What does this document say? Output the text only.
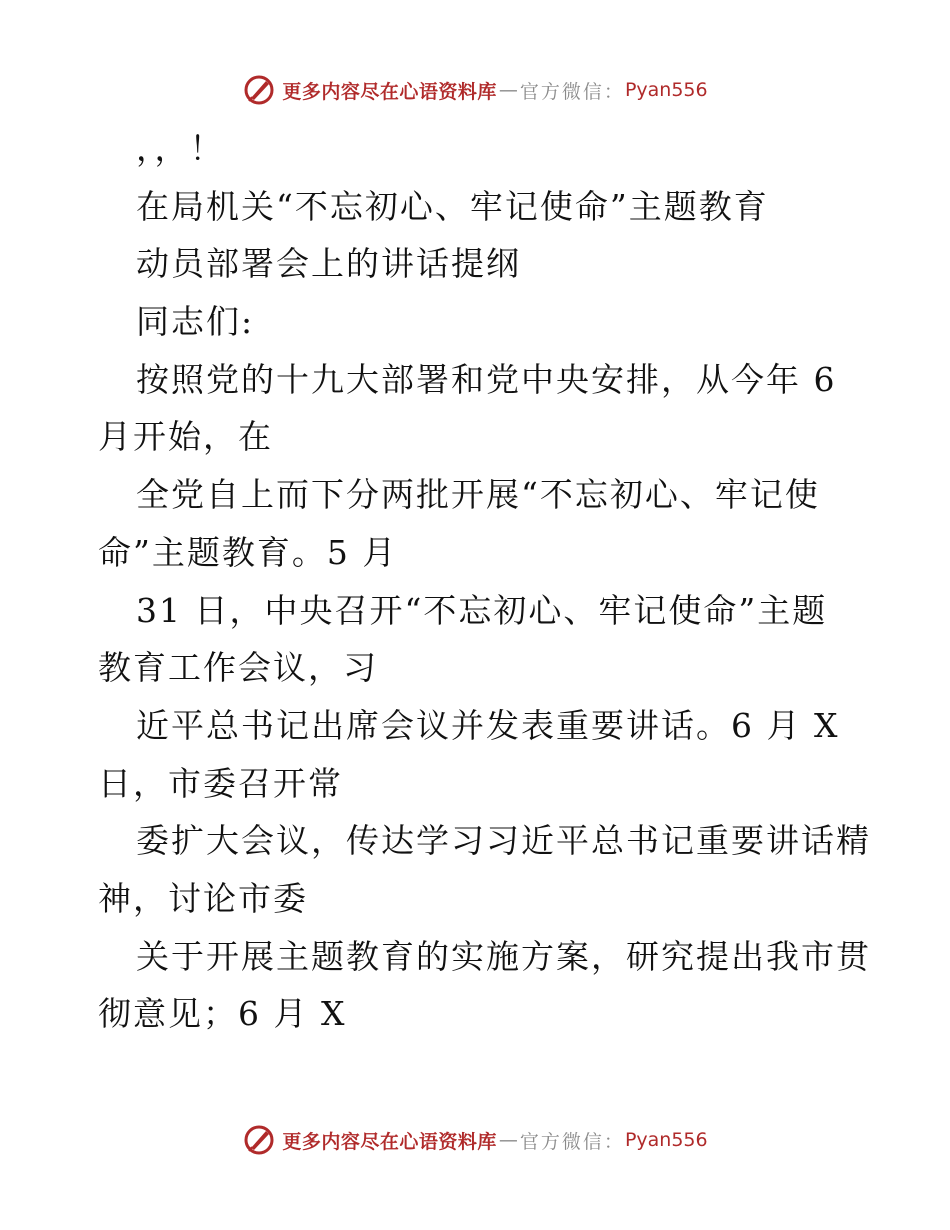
更多内容尽在心语资料库 — 官方微信： Pyan556
，，！
在局机关“不忘初心、牢记使命”主题教育
动员部署会上的讲话提纲
同志们:
按照党的十九大部署和党中央安排，从今年 6
月开始，在
全党自上而下分两批开展“不忘初心、牢记使
命”主题教育。5 月
31 日，中央召开“不忘初心、牢记使命”主题
教育工作会议，习
近平总书记出席会议并发表重要讲话。6 月 X
日，市委召开常
委扩大会议，传达学习习近平总书记重要讲话精
神，讨论市委
关于开展主题教育的实施方案，研究提出我市贯
彻意见；6 月 X
更多内容尽在心语资料库 — 官方微信： Pyan556
